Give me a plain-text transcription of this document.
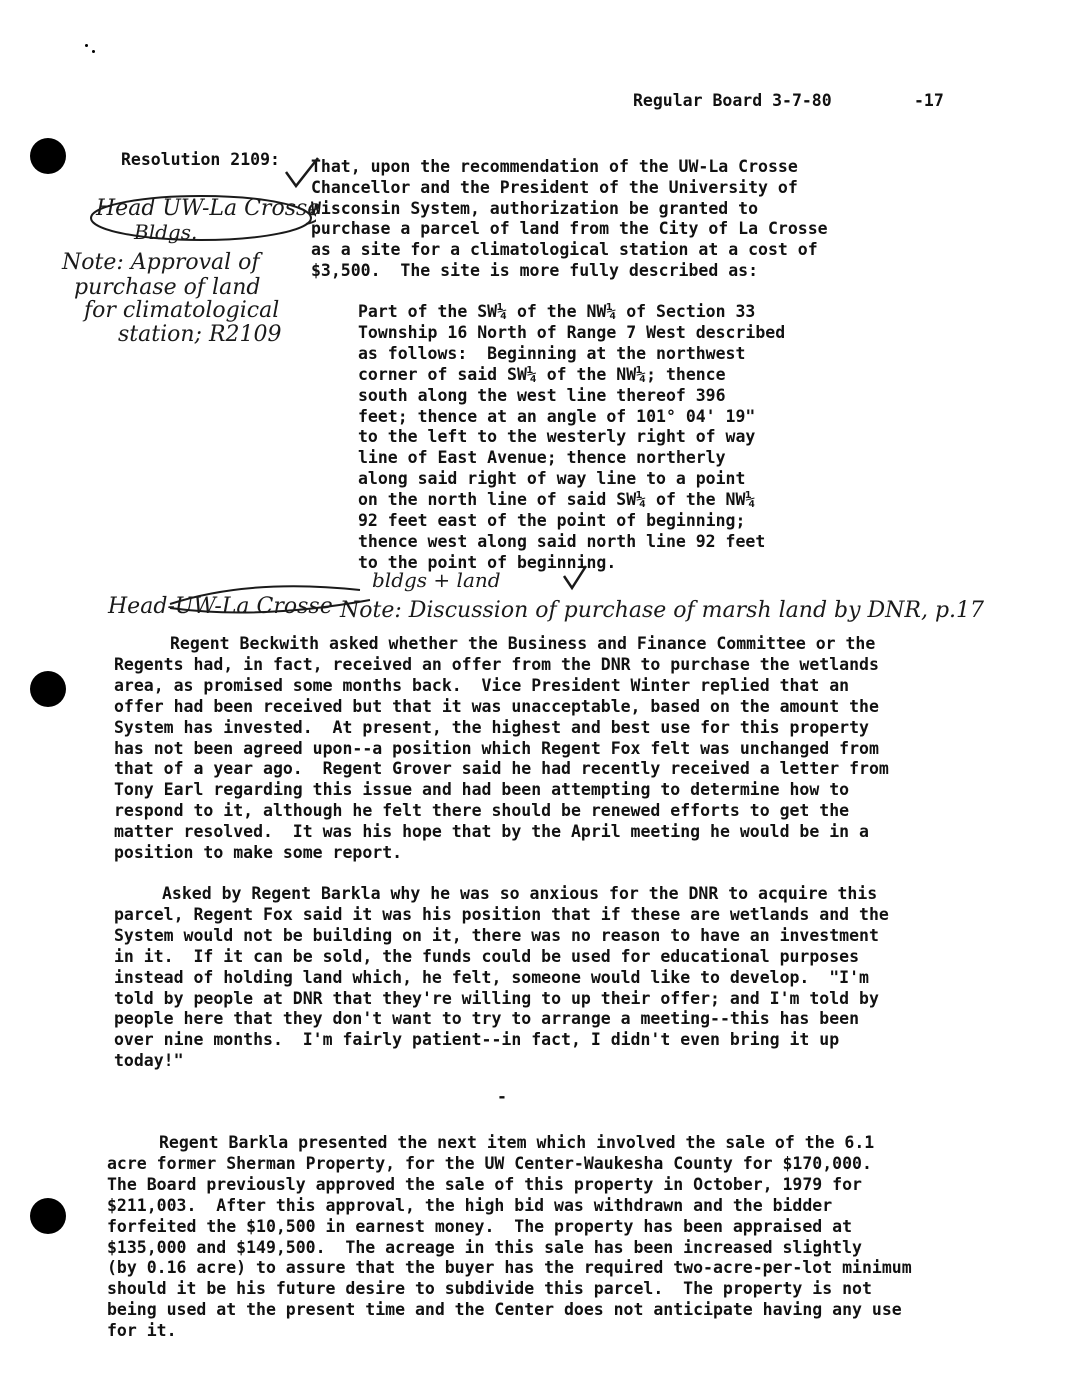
Regular Board 3-7-80	-17
Resolution 2109: That, upon the recommendation of the UW-La Crosse
Chancellor and the President of the University of
Wisconsin System, authorization be granted to
purchase a parcel of land from the City of La Crosse
as a site for a climatological station at a cost of
$3,500.  The site is more fully described as:
Part of the SW¼ of the NW¼ of Section 33
Township 16 North of Range 7 West described
as follows:  Beginning at the northwest
corner of said SW¼ of the NW¼; thence
south along the west line thereof 396
feet; thence at an angle of 101° 04' 19"
to the left to the westerly right of way
line of East Avenue; thence northerly
along said right of way line to a point
on the north line of said SW¼ of the NW¼
92 feet east of the point of beginning;
thence west along said north line 92 feet
to the point of beginning.
Head UW-La Crosse
Bldgs.
Note: Approval of
purchase of land
for climatological
station; R2109
bldgs + land
Head-UW-La Crosse Note: Discussion of purchase of marsh land by DNR, p.17
Regent Beckwith asked whether the Business and Finance Committee or the
Regents had, in fact, received an offer from the DNR to purchase the wetlands
area, as promised some months back.  Vice President Winter replied that an
offer had been received but that it was unacceptable, based on the amount the
System has invested.  At present, the highest and best use for this property
has not been agreed upon--a position which Regent Fox felt was unchanged from
that of a year ago.  Regent Grover said he had recently received a letter from
Tony Earl regarding this issue and had been attempting to determine how to
respond to it, although he felt there should be renewed efforts to get the
matter resolved.  It was his hope that by the April meeting he would be in a
position to make some report.
Asked by Regent Barkla why he was so anxious for the DNR to acquire this
parcel, Regent Fox said it was his position that if these are wetlands and the
System would not be building on it, there was no reason to have an investment
in it.  If it can be sold, the funds could be used for educational purposes
instead of holding land which, he felt, someone would like to develop.  "I'm
told by people at DNR that they're willing to up their offer; and I'm told by
people here that they don't want to try to arrange a meeting--this has been
over nine months.  I'm fairly patient--in fact, I didn't even bring it up
today!"
-
Regent Barkla presented the next item which involved the sale of the 6.1
acre former Sherman Property, for the UW Center-Waukesha County for $170,000.
The Board previously approved the sale of this property in October, 1979 for
$211,003.  After this approval, the high bid was withdrawn and the bidder
forfeited the $10,500 in earnest money.  The property has been appraised at
$135,000 and $149,500.  The acreage in this sale has been increased slightly
(by 0.16 acre) to assure that the buyer has the required two-acre-per-lot minimum
should it be his future desire to subdivide this parcel.  The property is not
being used at the present time and the Center does not anticipate having any use
for it.
